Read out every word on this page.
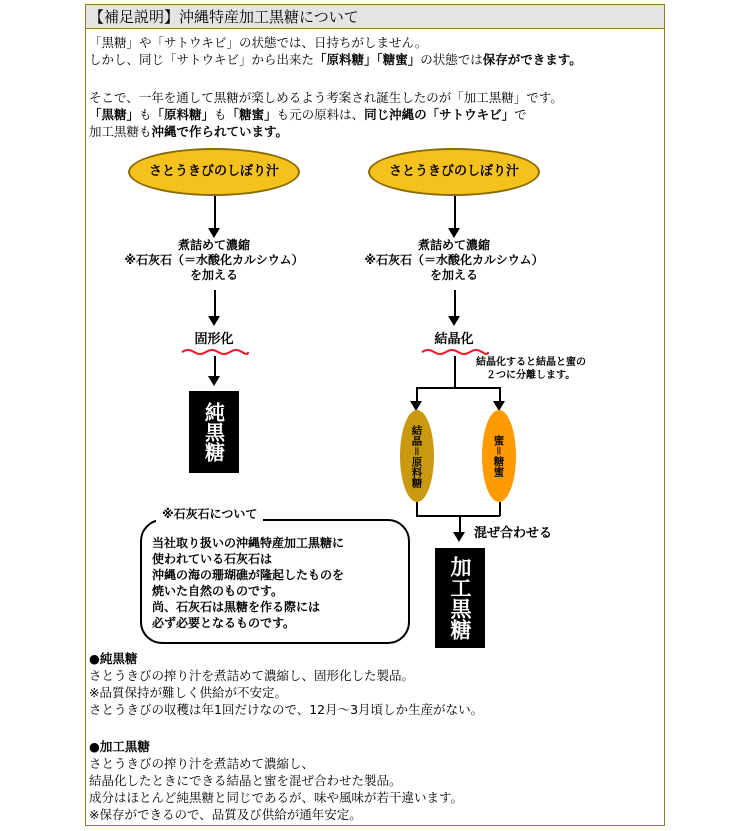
【補足説明】沖縄特産加工黒糖について
「黒糖」や「サトウキビ」の状態では、日持ちがしません。
しかし、同じ「サトウキビ」から出来た「原料糖」「糖蜜」の状態では保存ができます。
そこで、一年を通して黒糖が楽しめるよう考案され誕生したのが「加工黒糖」です。
「黒糖」も「原料糖」も「糖蜜」も元の原料は、同じ沖縄の「サトウキビ」で
加工黒糖も沖縄で作られています。
さとうきびのしぼり汁
煮詰めて濃縮
※石灰石（＝水酸化カルシウム）
を加える
固形化
純黒糖
さとうきびのしぼり汁
煮詰めて濃縮
※石灰石（＝水酸化カルシウム）
を加える
結晶化
結晶化すると結晶と蜜の
２つに分離します。
結晶＝原料糖	蜜＝糖蜜
混ぜ合わせる
加工黒糖
※石灰石について
当社取り扱いの沖縄特産加工黒糖に
使われている石灰石は
沖縄の海の珊瑚礁が隆起したものを
焼いた自然のものです。
尚、石灰石は黒糖を作る際には
必ず必要となるものです。
●純黒糖
さとうきびの搾り汁を煮詰めて濃縮し、固形化した製品。
※品質保持が難しく供給が不安定。
さとうきびの収穫は年1回だけなので、12月～3月頃しか生産がない。
●加工黒糖
さとうきびの搾り汁を煮詰めて濃縮し、
結晶化したときにできる結晶と蜜を混ぜ合わせた製品。
成分はほとんど純黒糖と同じであるが、味や風味が若干違います。
※保存ができるので、品質及び供給が通年安定。
